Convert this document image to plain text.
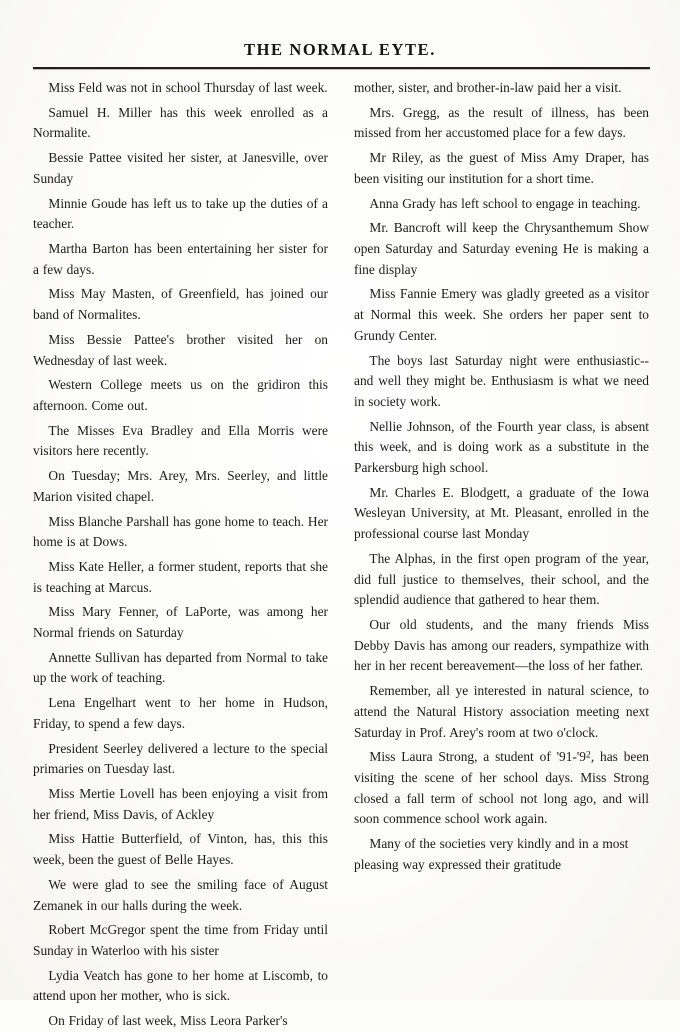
THE NORMAL EYTE.

Miss Feld was not in school Thursday of last week.

Samuel H. Miller has this week enrolled as a Normalite.

Bessie Pattee visited her sister, at Janesville, over Sunday

Minnie Goude has left us to take up the duties of a teacher.

Martha Barton has been entertaining her sister for a few days.

Miss May Masten, of Greenfield, has joined our band of Normalites.

Miss Bessie Pattee's brother visited her on Wednesday of last week.

Western College meets us on the gridiron this afternoon. Come out.

The Misses Eva Bradley and Ella Morris were visitors here recently.

On Tuesday; Mrs. Arey, Mrs. Seerley, and little Marion visited chapel.

Miss Blanche Parshall has gone home to teach. Her home is at Dows.

Miss Kate Heller, a former student, reports that she is teaching at Marcus.

Miss Mary Fenner, of LaPorte, was among her Normal friends on Saturday

Annette Sullivan has departed from Normal to take up the work of teaching.

Lena Engelhart went to her home in Hudson, Friday, to spend a few days.

President Seerley delivered a lecture to the special primaries on Tuesday last.

Miss Mertie Lovell has been enjoying a visit from her friend, Miss Davis, of Ackley

Miss Hattie Butterfield, of Vinton, has, this this week, been the guest of Belle Hayes.

We were glad to see the smiling face of August Zemanek in our halls during the week.

Robert McGregor spent the time from Friday until Sunday in Waterloo with his sister

Lydia Veatch has gone to her home at Liscomb, to attend upon her mother, who is sick.

On Friday of last week, Miss Leora Parker's

mother, sister, and brother-in-law paid her a visit.

Mrs. Gregg, as the result of illness, has been missed from her accustomed place for a few days.

Mr Riley, as the guest of Miss Amy Draper, has been visiting our institution for a short time.

Anna Grady has left school to engage in teaching.

Mr. Bancroft will keep the Chrysanthemum Show open Saturday and Saturday evening He is making a fine display

Miss Fannie Emery was gladly greeted as a visitor at Normal this week. She orders her paper sent to Grundy Center.

The boys last Saturday night were enthusiastic-- and well they might be. Enthusiasm is what we need in society work.

Nellie Johnson, of the Fourth year class, is absent this week, and is doing work as a substitute in the Parkersburg high school.

Mr. Charles E. Blodgett, a graduate of the Iowa Wesleyan University, at Mt. Pleasant, enrolled in the professional course last Monday

The Alphas, in the first open program of the year, did full justice to themselves, their school, and the splendid audience that gathered to hear them.

Our old students, and the many friends Miss Debby Davis has among our readers, sympathize with her in her recent bereavement—the loss of her father.

Remember, all ye interested in natural science, to attend the Natural History association meeting next Saturday in Prof. Arey's room at two o'clock.

Miss Laura Strong, a student of '$91-'9^2$, has been visiting the scene of her school days. Miss Strong closed a fall term of school not long ago, and will soon commence school work again.

Many of the societies very kindly and in a most pleasing way expressed their gratitude
